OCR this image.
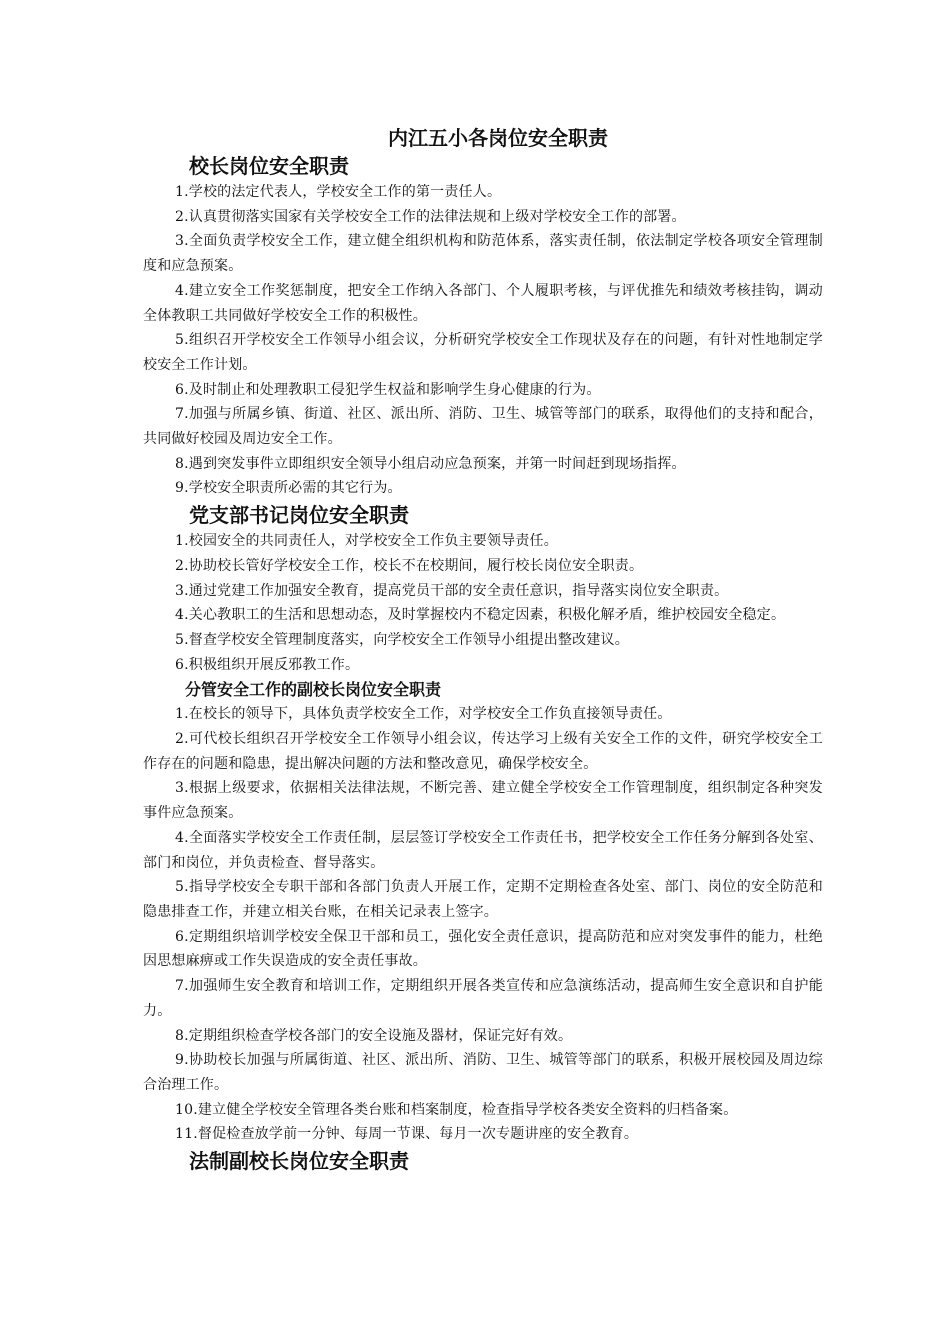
内江五小各岗位安全职责
校长岗位安全职责

1.学校的法定代表人，学校安全工作的第一责任人。

2.认真贯彻落实国家有关学校安全工作的法律法规和上级对学校安全工作的部署。

3.全面负责学校安全工作，建立健全组织机构和防范体系，落实责任制，依法制定学校各项安全管理制度和应急预案。

4.建立安全工作奖惩制度，把安全工作纳入各部门、个人履职考核，与评优推先和绩效考核挂钩，调动全体教职工共同做好学校安全工作的积极性。

5.组织召开学校安全工作领导小组会议，分析研究学校安全工作现状及存在的问题，有针对性地制定学校安全工作计划。

6.及时制止和处理教职工侵犯学生权益和影响学生身心健康的行为。

7.加强与所属乡镇、街道、社区、派出所、消防、卫生、城管等部门的联系，取得他们的支持和配合，共同做好校园及周边安全工作。

8.遇到突发事件立即组织安全领导小组启动应急预案，并第一时间赶到现场指挥。

9.学校安全职责所必需的其它行为。

党支部书记岗位安全职责

1.校园安全的共同责任人，对学校安全工作负主要领导责任。

2.协助校长管好学校安全工作，校长不在校期间，履行校长岗位安全职责。

3.通过党建工作加强安全教育，提高党员干部的安全责任意识，指导落实岗位安全职责。

4.关心教职工的生活和思想动态，及时掌握校内不稳定因素，积极化解矛盾，维护校园安全稳定。

5.督查学校安全管理制度落实，向学校安全工作领导小组提出整改建议。

6.积极组织开展反邪教工作。

分管安全工作的副校长岗位安全职责

1.在校长的领导下，具体负责学校安全工作，对学校安全工作负直接领导责任。

2.可代校长组织召开学校安全工作领导小组会议，传达学习上级有关安全工作的文件，研究学校安全工作存在的问题和隐患，提出解决问题的方法和整改意见，确保学校安全。

3.根据上级要求，依据相关法律法规，不断完善、建立健全学校安全工作管理制度，组织制定各种突发事件应急预案。

4.全面落实学校安全工作责任制，层层签订学校安全工作责任书，把学校安全工作任务分解到各处室、部门和岗位，并负责检查、督导落实。

5.指导学校安全专职干部和各部门负责人开展工作，定期不定期检查各处室、部门、岗位的安全防范和隐患排查工作，并建立相关台账，在相关记录表上签字。

6.定期组织培训学校安全保卫干部和员工，强化安全责任意识，提高防范和应对突发事件的能力，杜绝因思想麻痹或工作失误造成的安全责任事故。

7.加强师生安全教育和培训工作，定期组织开展各类宣传和应急演练活动，提高师生安全意识和自护能力。

8.定期组织检查学校各部门的安全设施及器材，保证完好有效。

9.协助校长加强与所属街道、社区、派出所、消防、卫生、城管等部门的联系，积极开展校园及周边综合治理工作。

10.建立健全学校安全管理各类台账和档案制度，检查指导学校各类安全资料的归档备案。

11.督促检查放学前一分钟、每周一节课、每月一次专题讲座的安全教育。

法制副校长岗位安全职责
